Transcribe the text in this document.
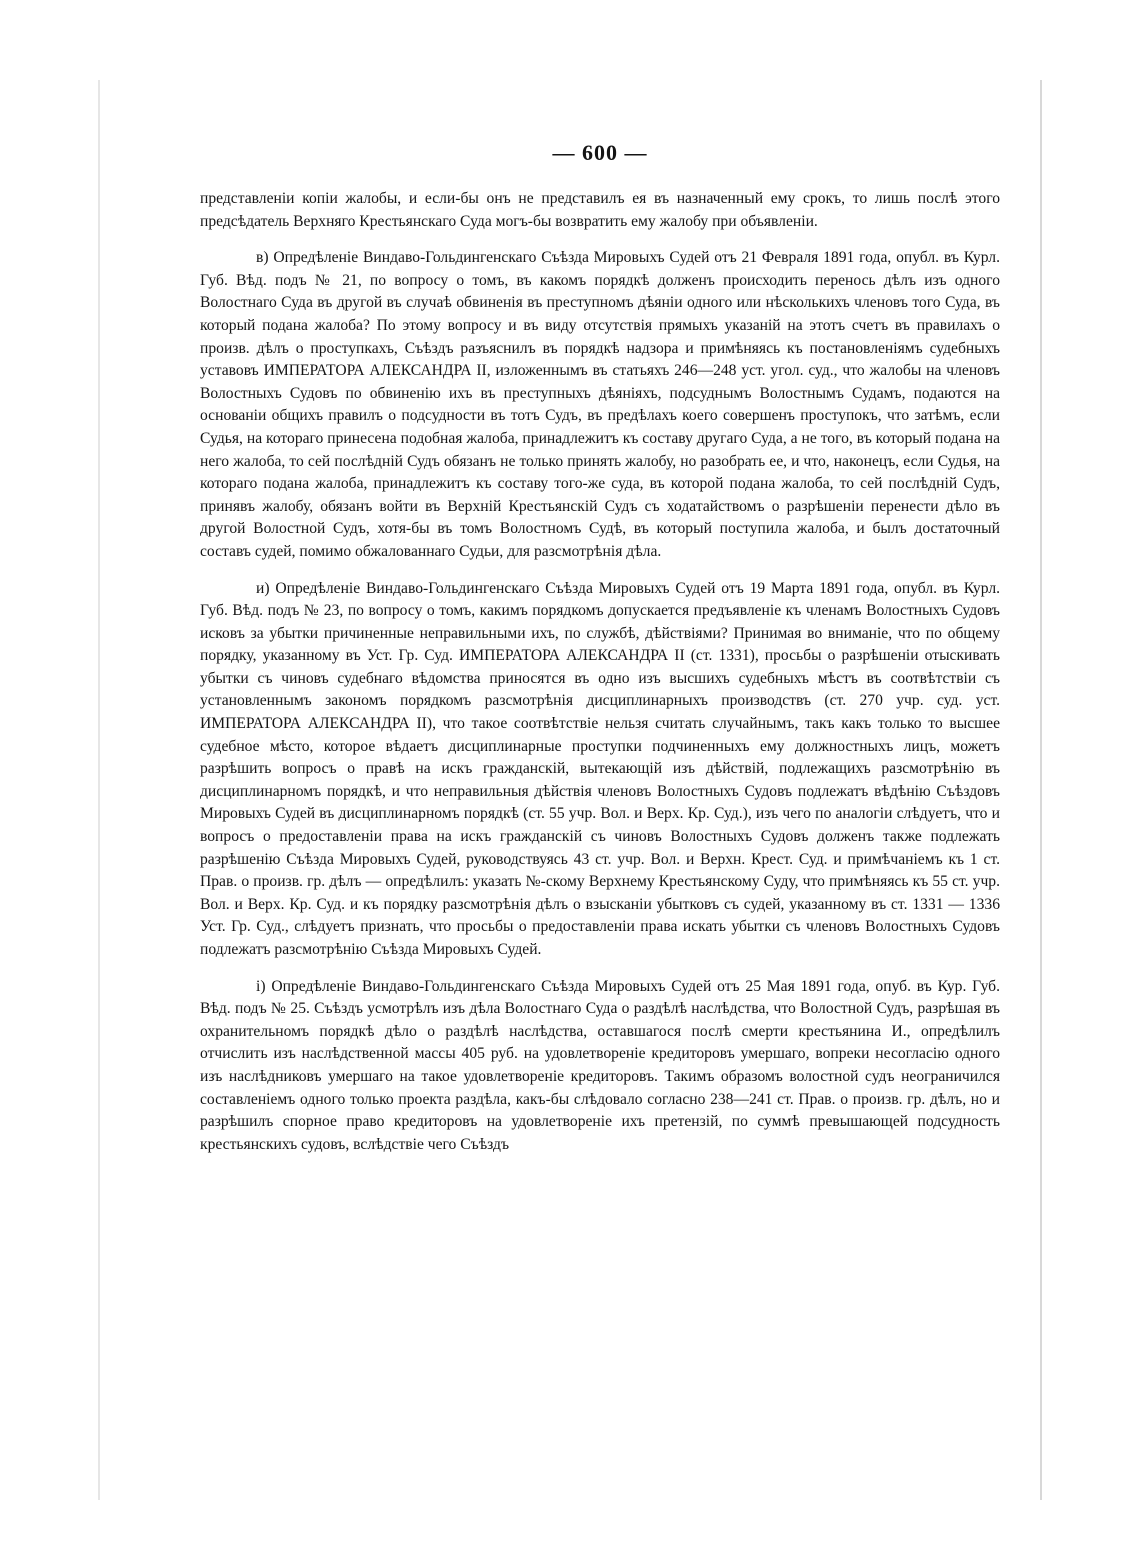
— 600 —

представленіи копіи жалобы, и если-бы онъ не представилъ ея въ назначенный ему срокъ, то лишь послѣ этого предсѣдатель Верхняго Крестьянскаго Суда могъ-бы возвратить ему жалобу при объявленіи.

в) Опредѣленіе Виндаво-Гольдингенскаго Съѣзда Мировыхъ Судей отъ 21 Февраля 1891 года, опубл. въ Курл. Губ. Вѣд. подъ № 21, по вопросу о томъ, въ какомъ порядкѣ долженъ происходить перенось дѣлъ изъ одного Волостнаго Суда въ другой въ случаѣ обвиненія въ преступномъ дѣяніи одного или нѣсколькихъ членовъ того Суда, въ который подана жалоба? По этому вопросу и въ виду отсутствія прямыхъ указаній на этотъ счетъ въ правилахъ о произв. дѣлъ о проступкахъ, Съѣздъ разъяснилъ въ порядкѣ надзора и примѣняясь къ постановленіямъ судебныхъ уставовъ ИМПЕРАТОРА АЛЕКСАНДРА II, изложеннымъ въ статьяхъ 246—248 уст. угол. суд., что жалобы на членовъ Волостныхъ Судовъ по обвиненію ихъ въ преступныхъ дѣяніяхъ, подсуднымъ Волостнымъ Судамъ, подаются на основаніи общихъ правилъ о подсудности въ тотъ Судъ, въ предѣлахъ коего совершенъ проступокъ, что затѣмъ, если Судья, на котораго принесена подобная жалоба, принадлежитъ къ составу другаго Суда, а не того, въ который подана на него жалоба, то сей послѣдній Судъ обязанъ не только принять жалобу, но разобрать ее, и что, наконецъ, если Судья, на котораго подана жалоба, принадлежитъ къ составу того-же суда, въ которой подана жалоба, то сей послѣдній Судъ, принявъ жалобу, обязанъ войти въ Верхній Крестьянскій Судъ съ ходатайствомъ о разрѣшеніи перенести дѣло въ другой Волостной Судъ, хотя-бы въ томъ Волостномъ Судѣ, въ который поступила жалоба, и былъ достаточный составъ судей, помимо обжалованнаго Судьи, для разсмотрѣнія дѣла.

и) Опредѣленіе Виндаво-Гольдингенскаго Съѣзда Мировыхъ Судей отъ 19 Марта 1891 года, опубл. въ Курл. Губ. Вѣд. подъ № 23, по вопросу о томъ, какимъ порядкомъ допускается предъявленіе къ членамъ Волостныхъ Судовъ исковъ за убытки причиненные неправильными ихъ, по службѣ, дѣйствіями? Принимая во вниманіе, что по общему порядку, указанному въ Уст. Гр. Суд. ИМПЕРАТОРА АЛЕКСАНДРА II (ст. 1331), просьбы о разрѣшеніи отыскивать убытки съ чиновъ судебнаго вѣдомства приносятся въ одно изъ высшихъ судебныхъ мѣстъ въ соотвѣтствіи съ установленнымъ закономъ порядкомъ разсмотрѣнія дисциплинарныхъ производствъ (ст. 270 учр. суд. уст. ИМПЕРАТОРА АЛЕКСАНДРА II), что такое соотвѣтствіе нельзя считать случайнымъ, такъ какъ только то высшее судебное мѣсто, которое вѣдаетъ дисциплинарные проступки подчиненныхъ ему должностныхъ лицъ, можетъ разрѣшить вопросъ о правѣ на искъ гражданскій, вытекающій изъ дѣйствій, подлежащихъ разсмотрѣнію въ дисциплинарномъ порядкѣ, и что неправильныя дѣйствія членовъ Волостныхъ Судовъ подлежатъ вѣдѣнію Съѣздовъ Мировыхъ Судей въ дисциплинарномъ порядкѣ (ст. 55 учр. Вол. и Верх. Кр. Суд.), изъ чего по аналогіи слѣдуетъ, что и вопросъ о предоставленіи права на искъ гражданскій съ чиновъ Волостныхъ Судовъ долженъ также подлежать разрѣшенію Съѣзда Мировыхъ Судей, руководствуясь 43 ст. учр. Вол. и Верхн. Крест. Суд. и примѣчаніемъ къ 1 ст. Прав. о произв. гр. дѣлъ — опредѣлилъ: указать №-скому Верхнему Крестьянскому Суду, что примѣняясь къ 55 ст. учр. Вол. и Верх. Кр. Суд. и къ порядку разсмотрѣнія дѣлъ о взысканіи убытковъ съ судей, указанному въ ст. 1331 — 1336 Уст. Гр. Суд., слѣдуетъ признать, что просьбы о предоставленіи права искать убытки съ членовъ Волостныхъ Судовъ подлежатъ разсмотрѣнію Съѣзда Мировыхъ Судей.

і) Опредѣленіе Виндаво-Гольдингенскаго Съѣзда Мировыхъ Судей отъ 25 Мая 1891 года, опуб. въ Кур. Губ. Вѣд. подъ № 25. Съѣздъ усмотрѣлъ изъ дѣла Волостнаго Суда о раздѣлѣ наслѣдства, что Волостной Судъ, разрѣшая въ охранительномъ порядкѣ дѣло о раздѣлѣ наслѣдства, оставшагося послѣ смерти крестьянина И., опредѣлилъ отчислить изъ наслѣдственной массы 405 руб. на удовлетвореніе кредиторовъ умершаго, вопреки несогласію одного изъ наслѣдниковъ умершаго на такое удовлетвореніе кредиторовъ. Такимъ образомъ волостной судъ неограничился составленіемъ одного только проекта раздѣла, какъ-бы слѣдовало согласно 238—241 ст. Прав. о произв. гр. дѣлъ, но и разрѣшилъ спорное право кредиторовъ на удовлетвореніе ихъ претензій, по суммѣ превышающей подсудность крестьянскихъ судовъ, вслѣдствіе чего Съѣздъ
